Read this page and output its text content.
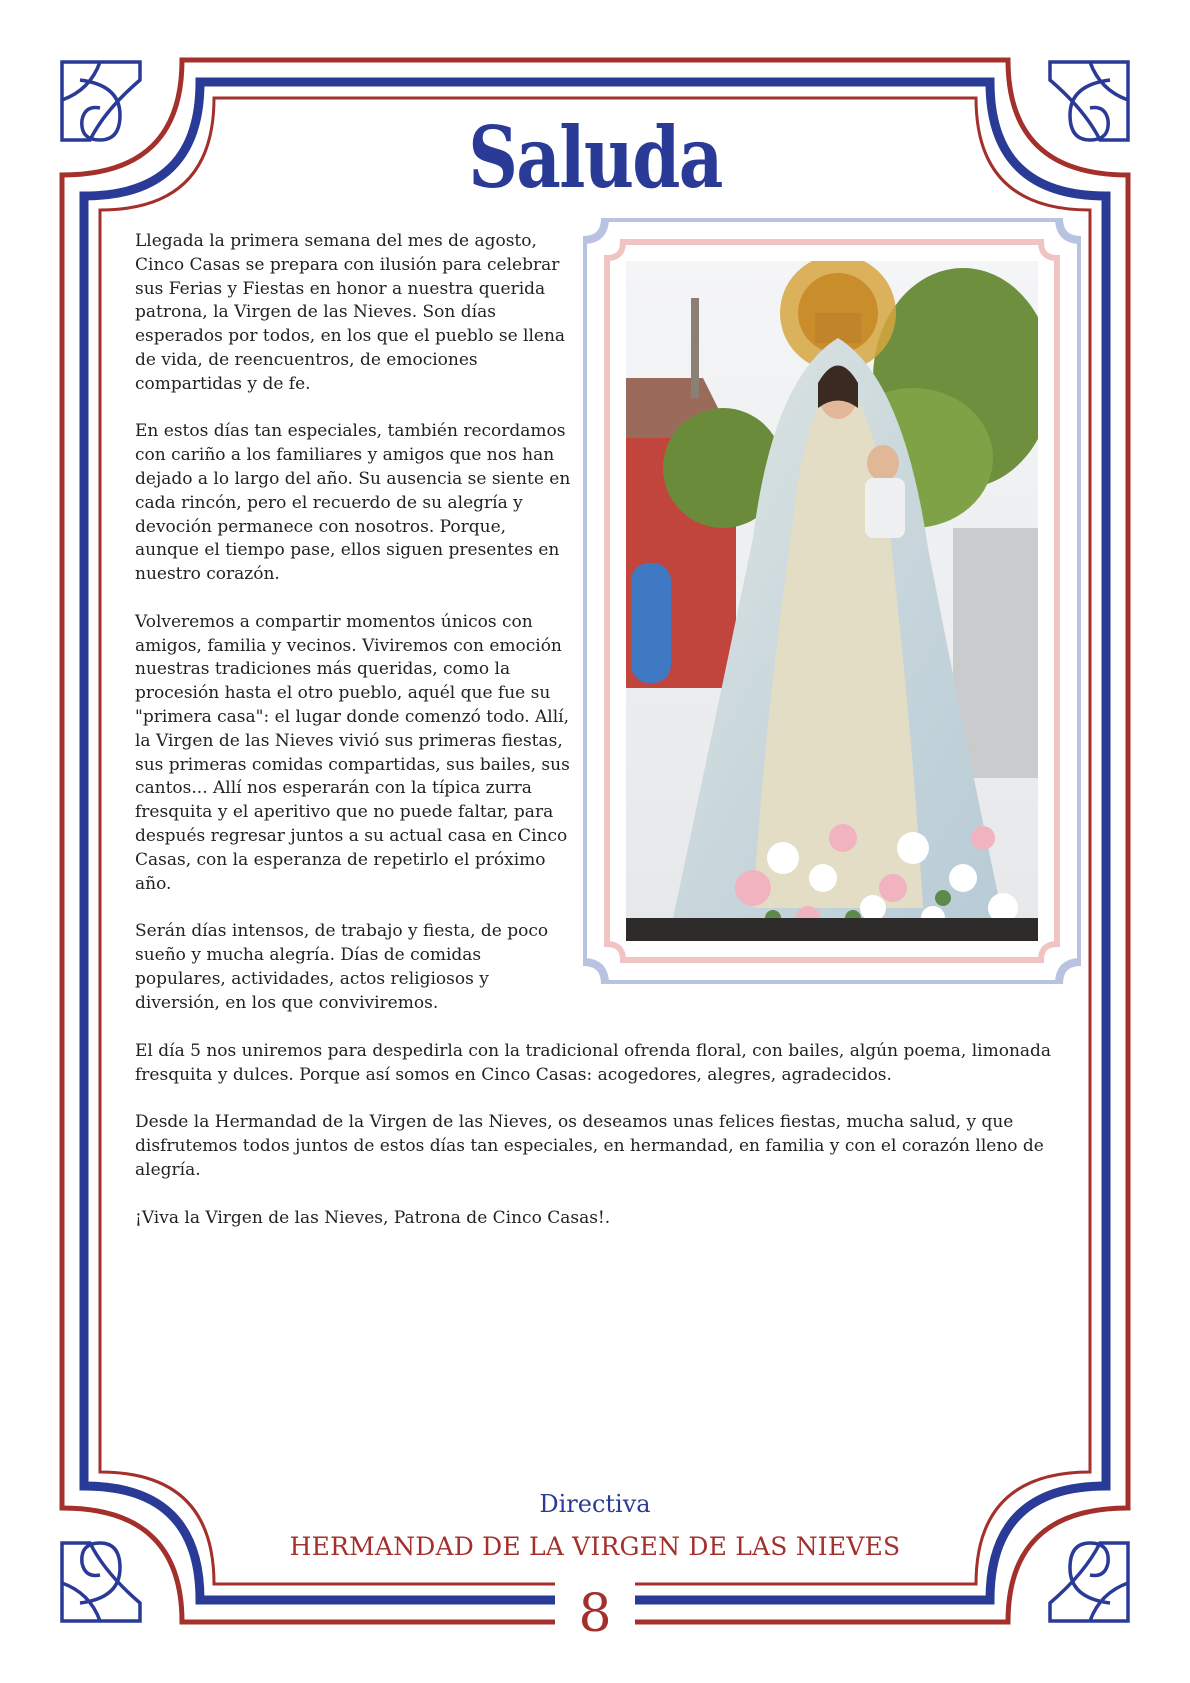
Saluda

Llegada la primera semana del mes de agosto, Cinco Casas se prepara con ilusión para celebrar sus Ferias y Fiestas en honor a nuestra querida patrona, la Virgen de las Nieves. Son días esperados por todos, en los que el pueblo se llena de vida, de reencuentros, de emociones compartidas y de fe.

En estos días tan especiales, también recordamos con cariño a los familiares y amigos que nos han dejado a lo largo del año. Su ausencia se siente en cada rincón, pero el recuerdo de su alegría y devoción permanece con nosotros. Porque, aunque el tiempo pase, ellos siguen presentes en nuestro corazón.

Volveremos a compartir momentos únicos con amigos, familia y vecinos. Viviremos con emoción nuestras tradiciones más queridas, como la procesión hasta el otro pueblo, aquél que fue su "primera casa": el lugar donde comenzó todo. Allí, la Virgen de las Nieves vivió sus primeras fiestas, sus primeras comidas compartidas, sus bailes, sus cantos... Allí nos esperarán con la típica zurra fresquita y el aperitivo que no puede faltar, para después regresar juntos a su actual casa en Cinco Casas, con la esperanza de repetirlo el próximo año.

Serán días intensos, de trabajo y fiesta, de poco sueño y mucha alegría. Días de comidas populares, actividades, actos religiosos y diversión, en los que conviviremos.

El día 5 nos uniremos para despedirla con la tradicional ofrenda floral, con bailes, algún poema, limonada fresquita y dulces. Porque así somos en Cinco Casas: acogedores, alegres, agradecidos.

Desde la Hermandad de la Virgen de las Nieves, os deseamos unas felices fiestas, mucha salud, y que disfrutemos todos juntos de estos días tan especiales, en hermandad, en familia y con el corazón lleno de alegría.

¡Viva la Virgen de las Nieves, Patrona de Cinco Casas!.

Directiva
HERMANDAD DE LA VIRGEN DE LAS NIEVES
8
